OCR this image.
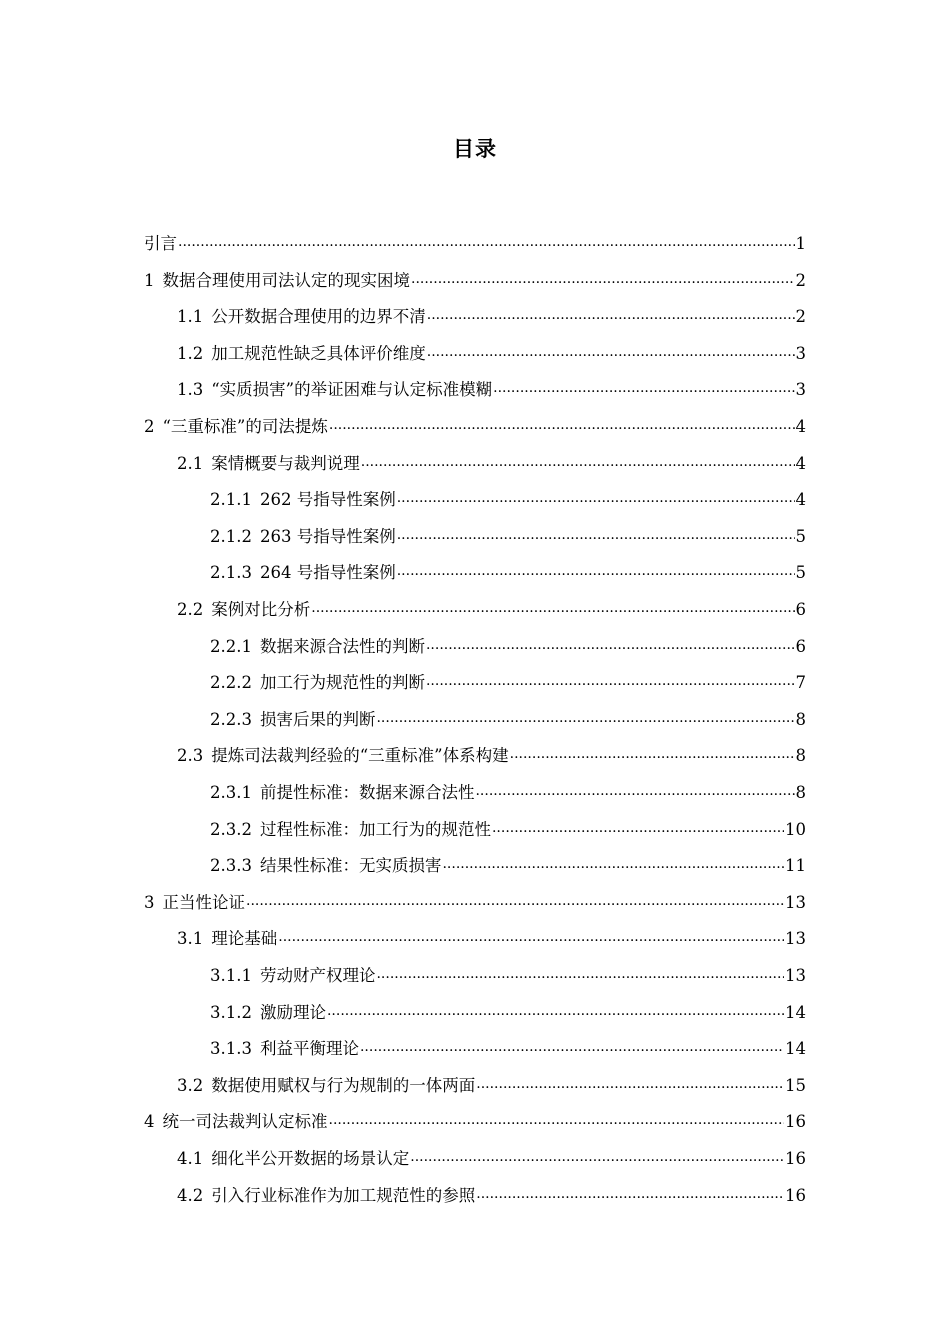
目录
引言 .....	1
1 数据合理使用司法认定的现实困境 .....	2
1.1 公开数据合理使用的边界不清 .....	2
1.2 加工规范性缺乏具体评价维度 .....	3
1.3 “实质损害”的举证困难与认定标准模糊 .....	3
2 “三重标准”的司法提炼 .....	4
2.1 案情概要与裁判说理 .....	4
2.1.1 262 号指导性案例 .....	4
2.1.2 263 号指导性案例 .....	5
2.1.3 264 号指导性案例 .....	5
2.2 案例对比分析 .....	6
2.2.1 数据来源合法性的判断 .....	6
2.2.2 加工行为规范性的判断 .....	7
2.2.3 损害后果的判断 .....	8
2.3 提炼司法裁判经验的“三重标准”体系构建 .....	8
2.3.1 前提性标准：数据来源合法性 .....	8
2.3.2 过程性标准：加工行为的规范性 .....	10
2.3.3 结果性标准：无实质损害 .....	11
3 正当性论证 .....	13
3.1 理论基础 .....	13
3.1.1 劳动财产权理论 .....	13
3.1.2 激励理论 .....	14
3.1.3 利益平衡理论 .....	14
3.2 数据使用赋权与行为规制的一体两面 .....	15
4 统一司法裁判认定标准 .....	16
4.1 细化半公开数据的场景认定 .....	16
4.2 引入行业标准作为加工规范性的参照 .....	16
